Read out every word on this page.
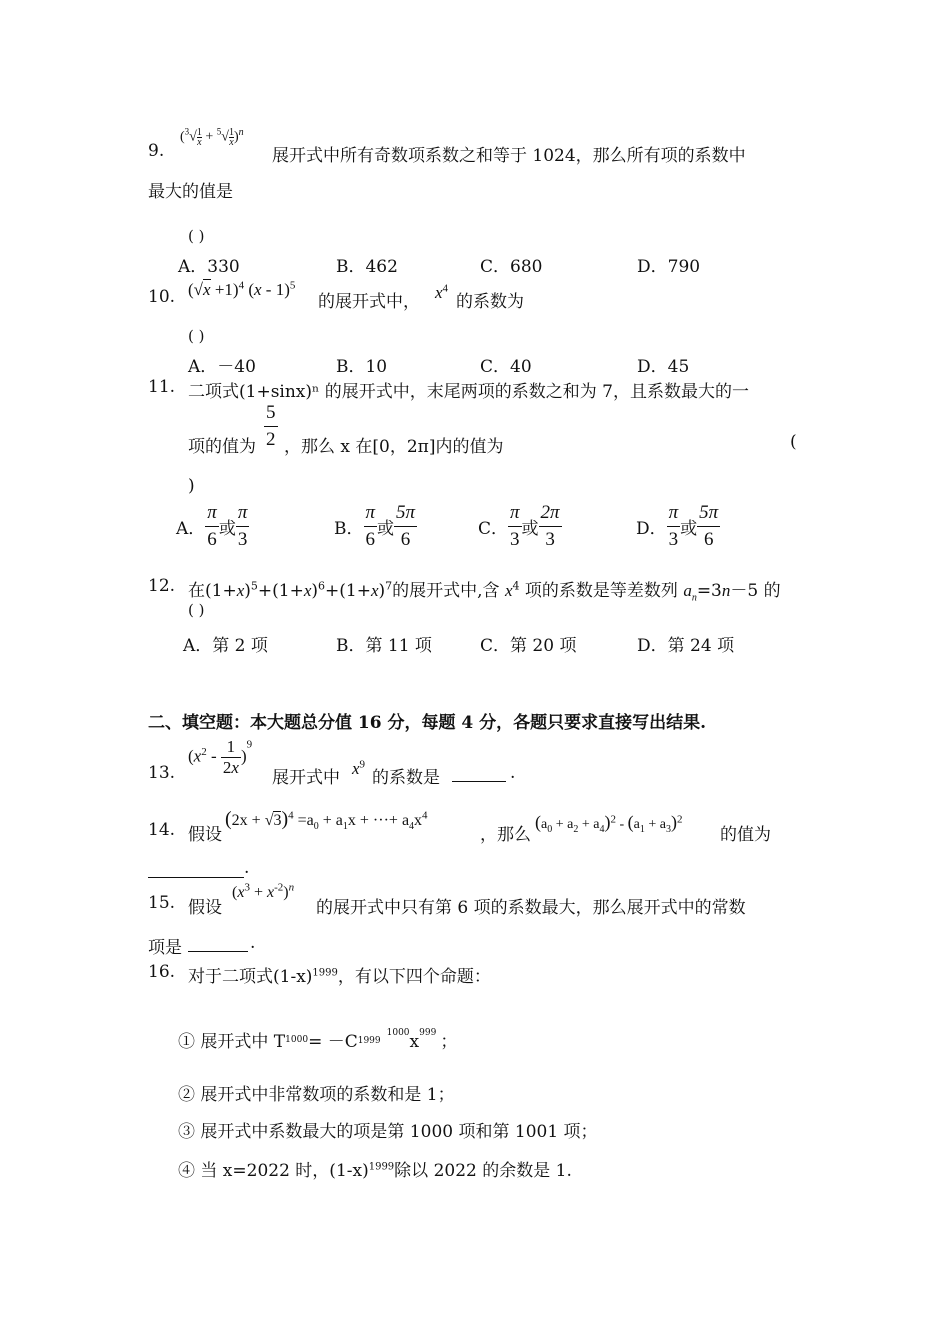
9.
$(^3√ \frac{1}{x} + ^5√ \frac{1}{x} )^n$
展开式中所有奇数项系数之和等于 1024，那么所有项的系数中
最大的值是
( )
A．330	B．462	C．680	D．790
10. $(√x +1)^4$ (x - 1)$^5$
的展开式中， $x^4$
的系数为
( )
A．－40	B．10	C．40	D．45
11. 二项式(1+sinx)ⁿ 的展开式中，末尾两项的系数之和为 7，且系数最大的一
项的值为 $\frac{5}{2}$ ，那么 x 在[0，2π]内的值为	(
)
A． $\frac{\pi}{6}$ 或 $\frac{\pi}{3}$	B． $\frac{\pi}{6}$ 或 $\frac{5\pi}{6}$	C． $\frac{\pi}{3}$ 或 $\frac{2\pi}{3}$	D． $\frac{\pi}{3}$ 或 $\frac{5\pi}{6}$
12. 在$(1+x)^5+(1+x)^6+(1+x)^7$的展开式中,含 $x^4$ 项的系数是等差数列 $a_n=3n-5$ 的
( )
A．第 2 项	B．第 11 项	C．第 20 项	D．第 24 项
二、填空题：本大题总分值 16 分，每题 4 分，各题只要求直接写出结果.
13.
$(x^2 - \frac{1}{2x} )^9$
展开式中 $x^9$
的系数是	.
14. 假设
$(2x + √3)^4 =a_0 + a_1x$ + ···+ $a_4x^4$
，那么
$(a_0 + a_2 + a_4)^2 - (a_1 + a_3)^2$
的值为
.
15. 假设
$(x^3 + x^{-2})^n$
的展开式中只有第 6 项的系数最大，那么展开式中的常数
项是	.
16. 对于二项式$(1-x)^{1999}$，有以下四个命题：
① 展开式中 $T_{1000}= -C_{1999}^{1000}x^{999}$ ；
② 展开式中非常数项的系数和是 1；
③ 展开式中系数最大的项是第 1000 项和第 1001 项；
④ 当 x=2022 时，$(1-x)^{1999}$除以 2022 的余数是 1.
